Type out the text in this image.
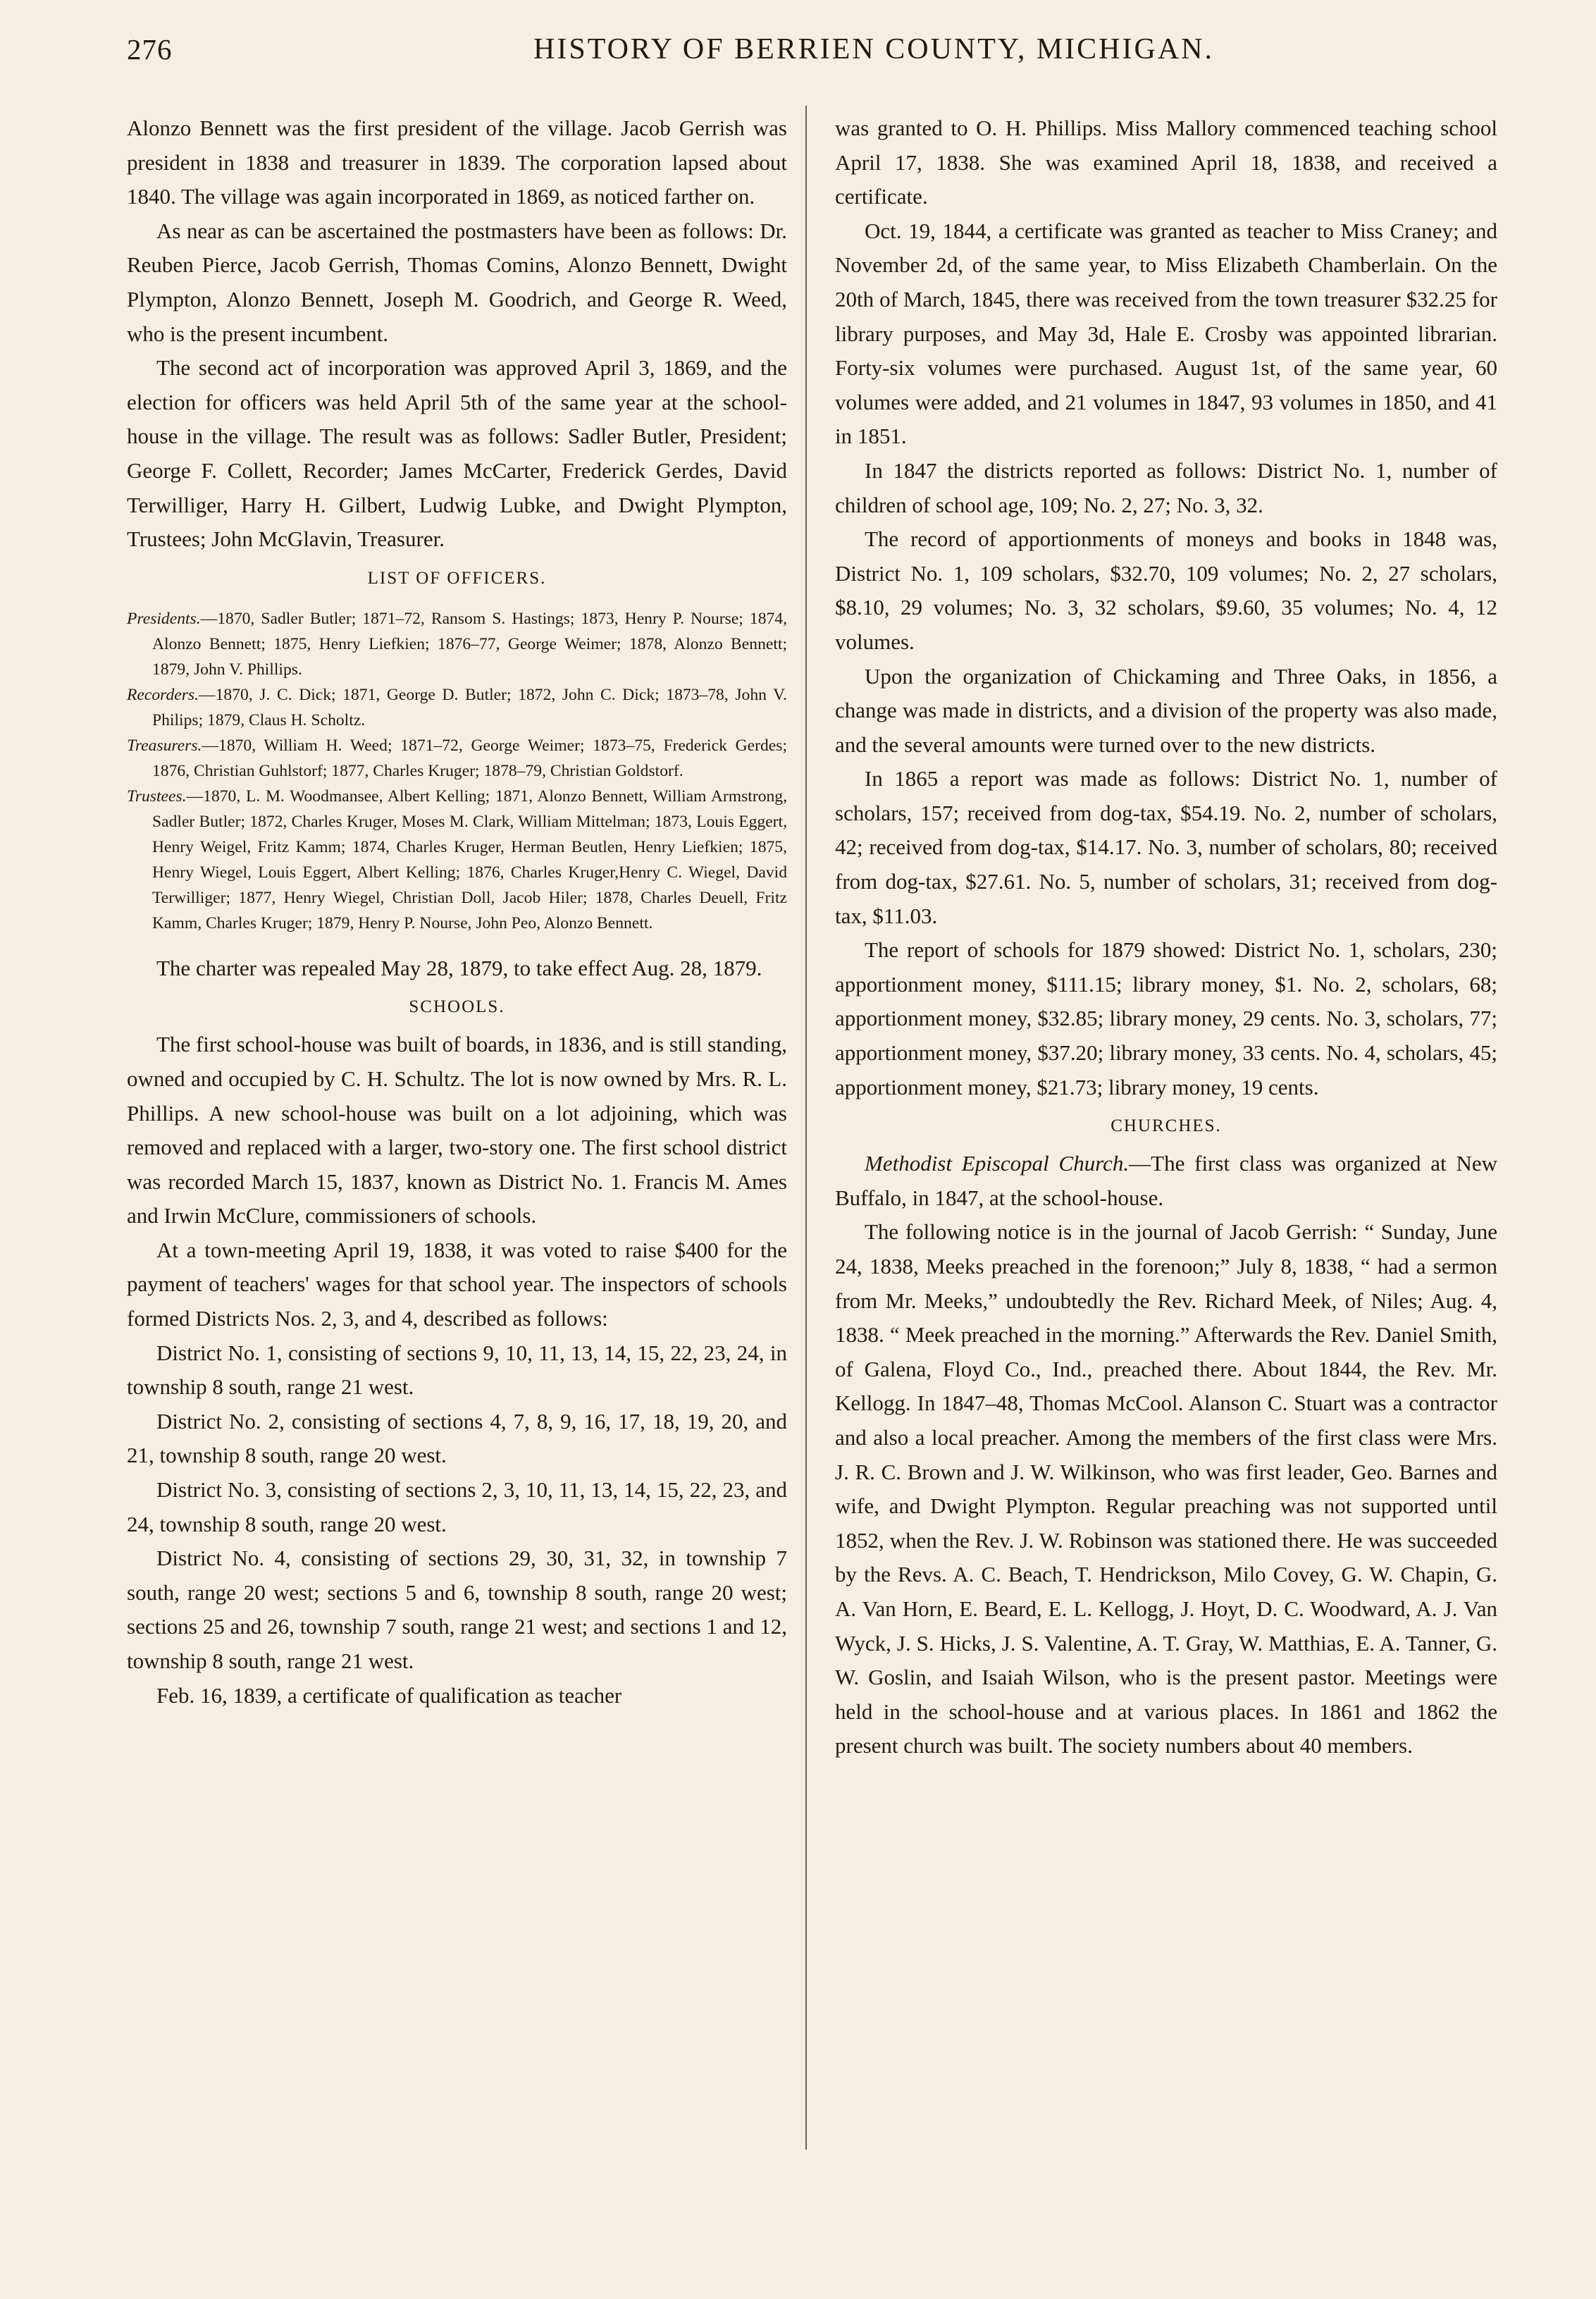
276	HISTORY OF BERRIEN COUNTY, MICHIGAN.

Alonzo Bennett was the first president of the village. Jacob Gerrish was president in 1838 and treasurer in 1839. The corporation lapsed about 1840. The village was again incorporated in 1869, as noticed farther on.

As near as can be ascertained the postmasters have been as follows: Dr. Reuben Pierce, Jacob Gerrish, Thomas Comins, Alonzo Bennett, Dwight Plympton, Alonzo Bennett, Joseph M. Goodrich, and George R. Weed, who is the present incumbent.

The second act of incorporation was approved April 3, 1869, and the election for officers was held April 5th of the same year at the school-house in the village. The result was as follows: Sadler Butler, President; George F. Collett, Recorder; James McCarter, Frederick Gerdes, David Terwilliger, Harry H. Gilbert, Ludwig Lubke, and Dwight Plympton, Trustees; John McGlavin, Treasurer.

LIST OF OFFICERS.

Presidents.—1870, Sadler Butler; 1871–72, Ransom S. Hastings; 1873, Henry P. Nourse; 1874, Alonzo Bennett; 1875, Henry Liefkien; 1876–77, George Weimer; 1878, Alonzo Bennett; 1879, John V. Phillips.

Recorders.—1870, J. C. Dick; 1871, George D. Butler; 1872, John C. Dick; 1873–78, John V. Philips; 1879, Claus H. Scholtz.

Treasurers.—1870, William H. Weed; 1871–72, George Weimer; 1873–75, Frederick Gerdes; 1876, Christian Guhlstorf; 1877, Charles Kruger; 1878–79, Christian Goldstorf.

Trustees.—1870, L. M. Woodmansee, Albert Kelling; 1871, Alonzo Bennett, William Armstrong, Sadler Butler; 1872, Charles Kruger, Moses M. Clark, William Mittelman; 1873, Louis Eggert, Henry Weigel, Fritz Kamm; 1874, Charles Kruger, Herman Beutlen, Henry Liefkien; 1875, Henry Wiegel, Louis Eggert, Albert Kelling; 1876, Charles Kruger,Henry C. Wiegel, David Terwilliger; 1877, Henry Wiegel, Christian Doll, Jacob Hiler; 1878, Charles Deuell, Fritz Kamm, Charles Kruger; 1879, Henry P. Nourse, John Peo, Alonzo Bennett.

The charter was repealed May 28, 1879, to take effect Aug. 28, 1879.

SCHOOLS.

The first school-house was built of boards, in 1836, and is still standing, owned and occupied by C. H. Schultz. The lot is now owned by Mrs. R. L. Phillips. A new school-house was built on a lot adjoining, which was removed and replaced with a larger, two-story one. The first school district was recorded March 15, 1837, known as District No. 1. Francis M. Ames and Irwin McClure, commissioners of schools.

At a town-meeting April 19, 1838, it was voted to raise $400 for the payment of teachers' wages for that school year. The inspectors of schools formed Districts Nos. 2, 3, and 4, described as follows:

District No. 1, consisting of sections 9, 10, 11, 13, 14, 15, 22, 23, 24, in township 8 south, range 21 west.

District No. 2, consisting of sections 4, 7, 8, 9, 16, 17, 18, 19, 20, and 21, township 8 south, range 20 west.

District No. 3, consisting of sections 2, 3, 10, 11, 13, 14, 15, 22, 23, and 24, township 8 south, range 20 west.

District No. 4, consisting of sections 29, 30, 31, 32, in township 7 south, range 20 west; sections 5 and 6, township 8 south, range 20 west; sections 25 and 26, township 7 south, range 21 west; and sections 1 and 12, township 8 south, range 21 west.

Feb. 16, 1839, a certificate of qualification as teacher

was granted to O. H. Phillips. Miss Mallory commenced teaching school April 17, 1838. She was examined April 18, 1838, and received a certificate.

Oct. 19, 1844, a certificate was granted as teacher to Miss Craney; and November 2d, of the same year, to Miss Elizabeth Chamberlain. On the 20th of March, 1845, there was received from the town treasurer $32.25 for library purposes, and May 3d, Hale E. Crosby was appointed librarian. Forty-six volumes were purchased. August 1st, of the same year, 60 volumes were added, and 21 volumes in 1847, 93 volumes in 1850, and 41 in 1851.

In 1847 the districts reported as follows: District No. 1, number of children of school age, 109; No. 2, 27; No. 3, 32.

The record of apportionments of moneys and books in 1848 was, District No. 1, 109 scholars, $32.70, 109 volumes; No. 2, 27 scholars, $8.10, 29 volumes; No. 3, 32 scholars, $9.60, 35 volumes; No. 4, 12 volumes.

Upon the organization of Chickaming and Three Oaks, in 1856, a change was made in districts, and a division of the property was also made, and the several amounts were turned over to the new districts.

In 1865 a report was made as follows: District No. 1, number of scholars, 157; received from dog-tax, $54.19. No. 2, number of scholars, 42; received from dog-tax, $14.17. No. 3, number of scholars, 80; received from dog-tax, $27.61. No. 5, number of scholars, 31; received from dog-tax, $11.03.

The report of schools for 1879 showed: District No. 1, scholars, 230; apportionment money, $111.15; library money, $1. No. 2, scholars, 68; apportionment money, $32.85; library money, 29 cents. No. 3, scholars, 77; apportionment money, $37.20; library money, 33 cents. No. 4, scholars, 45; apportionment money, $21.73; library money, 19 cents.

CHURCHES.

Methodist Episcopal Church.—The first class was organized at New Buffalo, in 1847, at the school-house.

The following notice is in the journal of Jacob Gerrish: “ Sunday, June 24, 1838, Meeks preached in the forenoon;” July 8, 1838, “ had a sermon from Mr. Meeks,” undoubtedly the Rev. Richard Meek, of Niles; Aug. 4, 1838. “ Meek preached in the morning.” Afterwards the Rev. Daniel Smith, of Galena, Floyd Co., Ind., preached there. About 1844, the Rev. Mr. Kellogg. In 1847–48, Thomas McCool. Alanson C. Stuart was a contractor and also a local preacher. Among the members of the first class were Mrs. J. R. C. Brown and J. W. Wilkinson, who was first leader, Geo. Barnes and wife, and Dwight Plympton. Regular preaching was not supported until 1852, when the Rev. J. W. Robinson was stationed there. He was succeeded by the Revs. A. C. Beach, T. Hendrickson, Milo Covey, G. W. Chapin, G. A. Van Horn, E. Beard, E. L. Kellogg, J. Hoyt, D. C. Woodward, A. J. Van Wyck, J. S. Hicks, J. S. Valentine, A. T. Gray, W. Matthias, E. A. Tanner, G. W. Goslin, and Isaiah Wilson, who is the present pastor. Meetings were held in the school-house and at various places. In 1861 and 1862 the present church was built. The society numbers about 40 members.
